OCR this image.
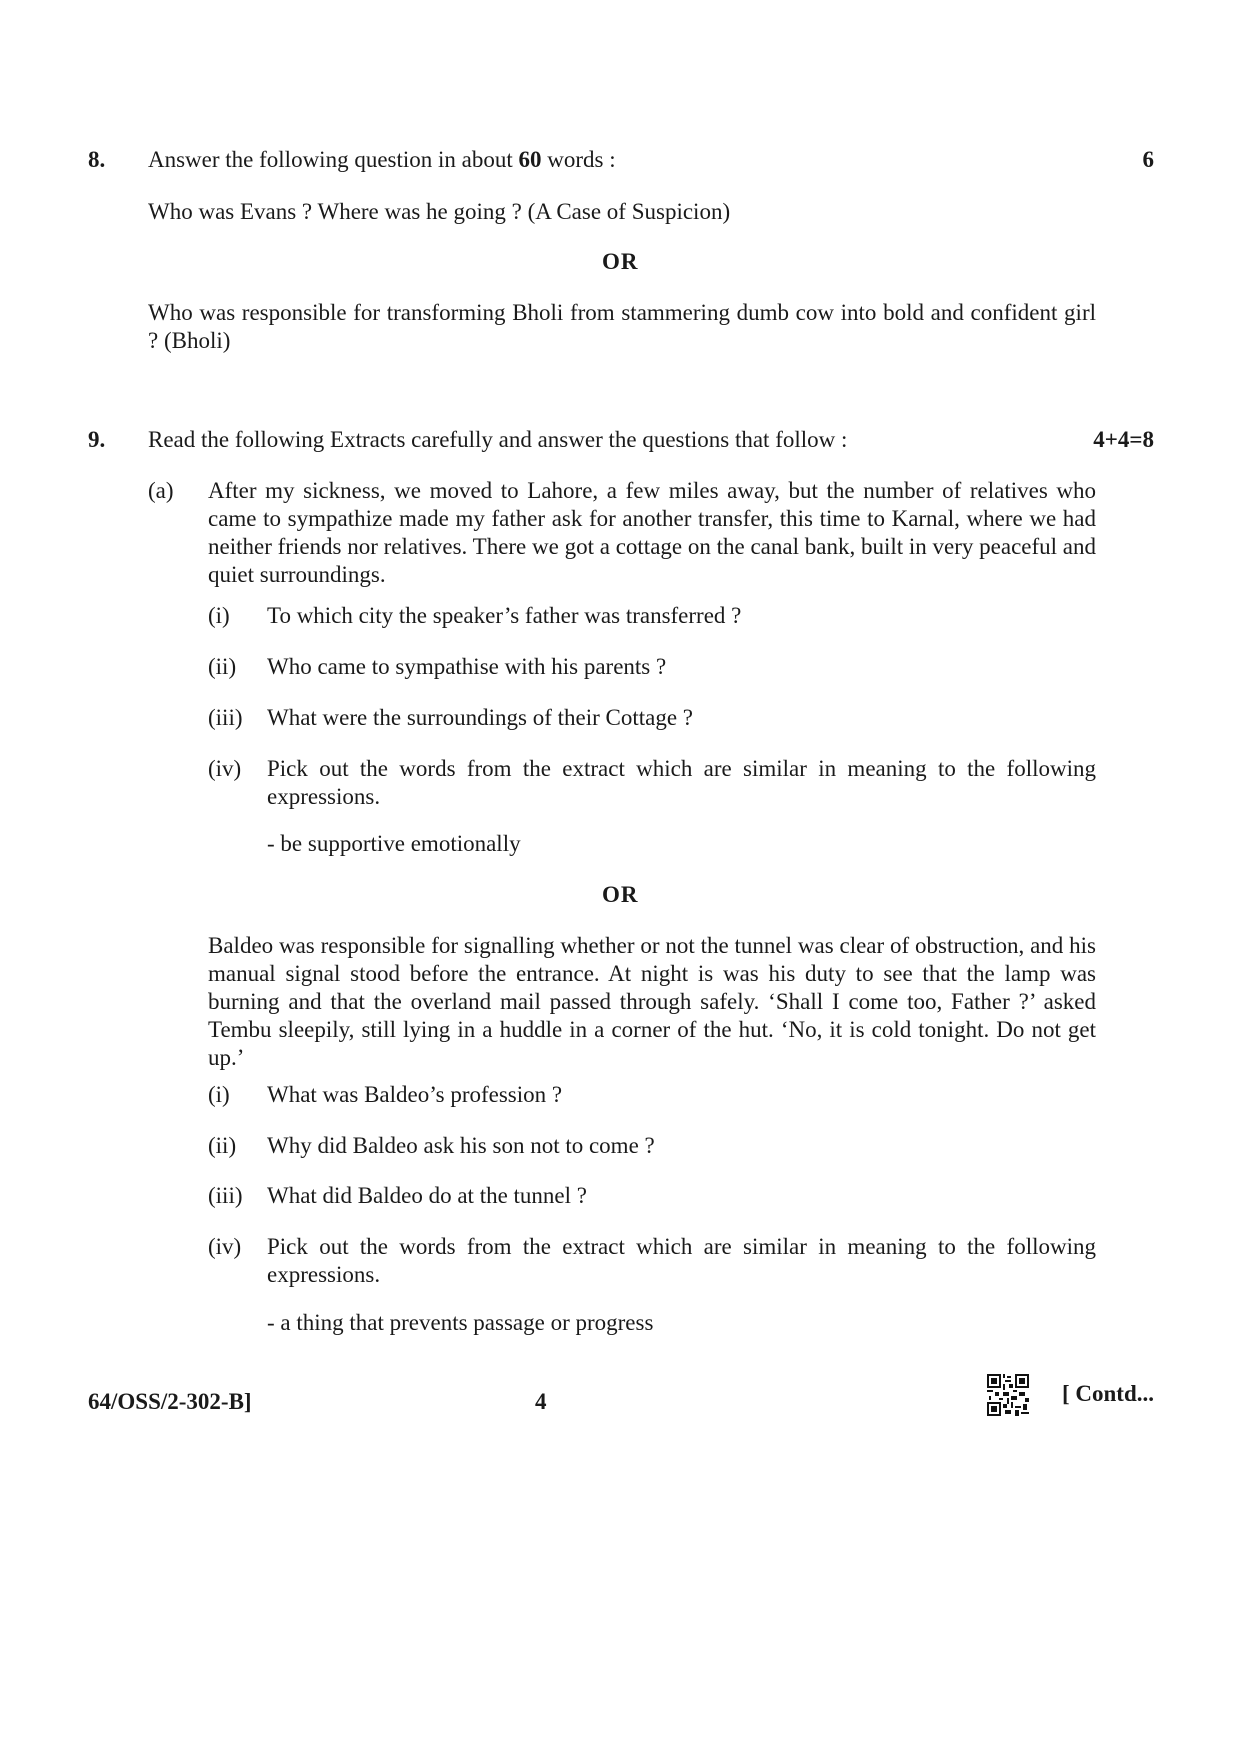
8. Answer the following question in about 60 words :	6
Who was Evans ? Where was he going ? (A Case of Suspicion)
OR
Who was responsible for transforming Bholi from stammering dumb cow into bold and confident girl ? (Bholi)
9. Read the following Extracts carefully and answer the questions that follow :	4+4=8
(a) After my sickness, we moved to Lahore, a few miles away, but the number of relatives who came to sympathize made my father ask for another transfer, this time to Karnal, where we had neither friends nor relatives. There we got a cottage on the canal bank, built in very peaceful and quiet surroundings.
(i) To which city the speaker’s father was transferred ?
(ii) Who came to sympathise with his parents ?
(iii) What were the surroundings of their Cottage ?
(iv) Pick out the words from the extract which are similar in meaning to the following expressions.
- be supportive emotionally
OR
Baldeo was responsible for signalling whether or not the tunnel was clear of obstruction, and his manual signal stood before the entrance. At night is was his duty to see that the lamp was burning and that the overland mail passed through safely. ‘Shall I come too, Father ?’ asked Tembu sleepily, still lying in a huddle in a corner of the hut. ‘No, it is cold tonight. Do not get up.’
(i) What was Baldeo’s profession ?
(ii) Why did Baldeo ask his son not to come ?
(iii) What did Baldeo do at the tunnel ?
(iv) Pick out the words from the extract which are similar in meaning to the following expressions.
- a thing that prevents passage or progress
64/OSS/2-302-B]	4	[ Contd...
